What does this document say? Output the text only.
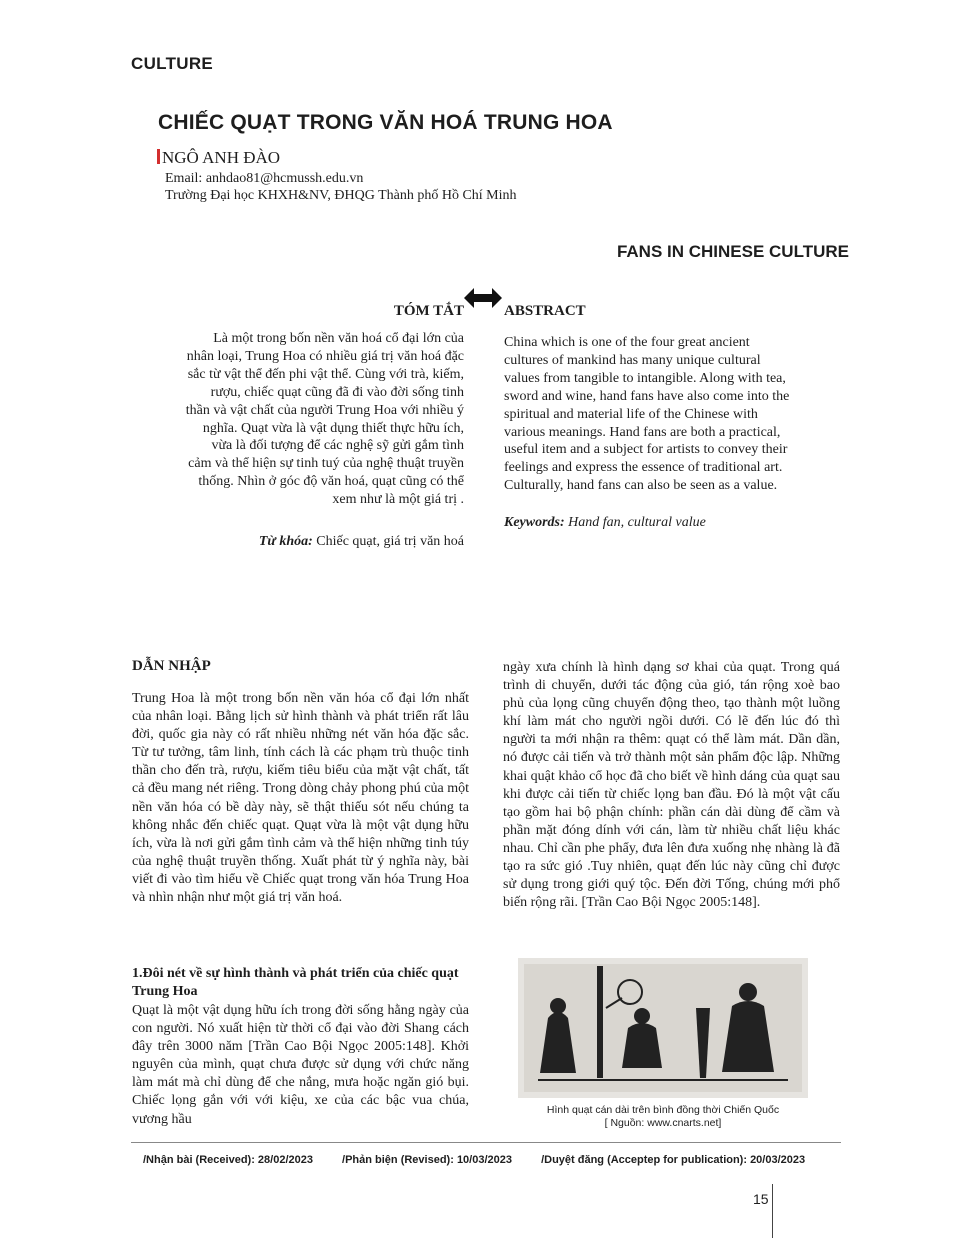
CULTURE
CHIẾC QUẠT TRONG VĂN HOÁ TRUNG HOA
NGÔ ANH ĐÀO
Email: anhdao81@hcmussh.edu.vn
Trường Đại học KHXH&NV, ĐHQG Thành phố Hồ Chí Minh
FANS IN CHINESE CULTURE
TÓM TẮT	ABSTRACT
Là một trong bốn nền văn hoá cổ đại lớn của
nhân loại, Trung Hoa có nhiều giá trị văn hoá đặc
sắc từ vật thể đến phi vật thể. Cùng với trà, kiếm,
rượu, chiếc quạt cũng đã đi vào đời sống tinh
thần và vật chất của người Trung Hoa với nhiều ý
nghĩa. Quạt vừa là vật dụng thiết thực hữu ích,
vừa là đối tượng để các nghệ sỹ gửi gắm tình
cảm và thể hiện sự tinh tuý của nghệ thuật truyền
thống. Nhìn ở góc độ văn hoá, quạt cũng có thể
xem như là một giá trị .
Từ khóa: Chiếc quạt, giá trị văn hoá
China which is one of the four great ancient
cultures of mankind has many unique cultural
values from tangible to intangible. Along with tea,
sword and wine, hand fans have also come into the
spiritual and material life of the Chinese with
various meanings. Hand fans are both a practical,
useful item and a subject for artists to convey their
feelings and express the essence of traditional art.
Culturally, hand fans can also be seen as a value.
Keywords: Hand fan, cultural value
DẪN NHẬP

Trung Hoa là một trong bốn nền văn hóa cổ đại lớn nhất của nhân loại. Bằng lịch sử hình thành và phát triển rất lâu đời, quốc gia này có rất nhiều những nét văn hóa đặc sắc. Từ tư tưởng, tâm linh, tính cách là các phạm trù thuộc tinh thần cho đến trà, rượu, kiếm tiêu biểu của mặt vật chất, tất cả đều mang nét riêng. Trong dòng chảy phong phú của một nền văn hóa có bề dày này, sẽ thật thiếu sót nếu chúng ta không nhắc đến chiếc quạt. Quạt vừa là một vật dụng hữu ích, vừa là nơi gửi gắm tình cảm và thể hiện những tinh túy của nghệ thuật truyền thống. Xuất phát từ ý nghĩa này, bài viết đi vào tìm hiểu về Chiếc quạt trong văn hóa Trung Hoa và nhìn nhận như một giá trị văn hoá.

1.Đôi nét về sự hình thành và phát triển của chiếc quạt Trung Hoa

Quạt là một vật dụng hữu ích trong đời sống hằng ngày của con người. Nó xuất hiện từ thời cổ đại vào đời Shang cách đây trên 3000 năm [Trần Cao Bội Ngọc 2005:148]. Khởi nguyên của mình, quạt chưa được sử dụng với chức năng làm mát mà chỉ dùng để che nắng, mưa hoặc ngăn gió bụi. Chiếc lọng gắn với với kiệu, xe của các bậc vua chúa, vương hầu

ngày xưa chính là hình dạng sơ khai của quạt. Trong quá trình di chuyển, dưới tác động của gió, tán rộng xoè bao phủ của lọng cũng chuyển động theo, tạo thành một luồng khí làm mát cho người ngồi dưới. Có lẽ đến lúc đó thì người ta mới nhận ra thêm: quạt có thể làm mát. Dần dần, nó được cải tiến và trở thành một sản phẩm độc lập. Những khai quật khảo cổ học đã cho biết về hình dáng của quạt sau khi được cải tiến từ chiếc lọng ban đầu. Đó là một vật cấu tạo gồm hai bộ phận chính: phần cán dài dùng để cầm và phần mặt đóng dính với cán, làm từ nhiều chất liệu khác nhau. Chỉ cần phe phẩy, đưa lên đưa xuống nhẹ nhàng là đã tạo ra sức gió .Tuy nhiên, quạt đến lúc này cũng chỉ được sử dụng trong giới quý tộc. Đến đời Tống, chúng mới phổ biến rộng rãi. [Trần Cao Bội Ngọc 2005:148].

Hình quạt cán dài trên bình đồng thời Chiến Quốc
[ Nguồn: www.cnarts.net]
/Nhận bài (Received): 28/02/2023	/Phản biện (Revised): 10/03/2023	/Duyệt đăng (Acceptep for publication): 20/03/2023
15
